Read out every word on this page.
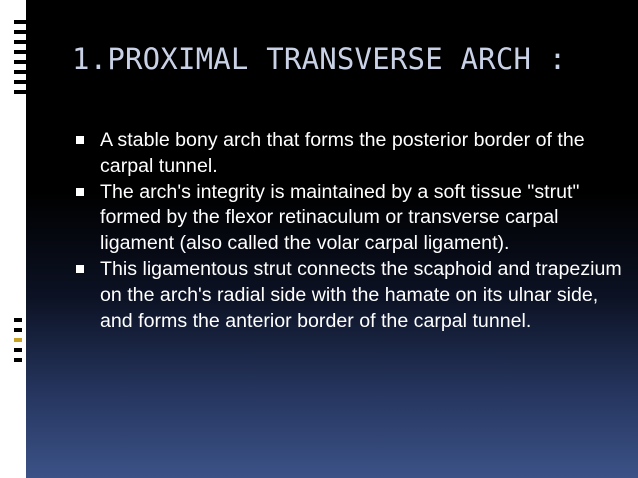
1.PROXIMAL TRANSVERSE ARCH :
A stable bony arch that forms the posterior border of the carpal tunnel.
The arch's integrity is maintained by a soft tissue "strut" formed by the flexor retinaculum or transverse carpal ligament (also called the volar carpal ligament).
This ligamentous strut connects the scaphoid and trapezium on the arch's radial side with the hamate on its ulnar side, and forms the anterior border of the carpal tunnel.
